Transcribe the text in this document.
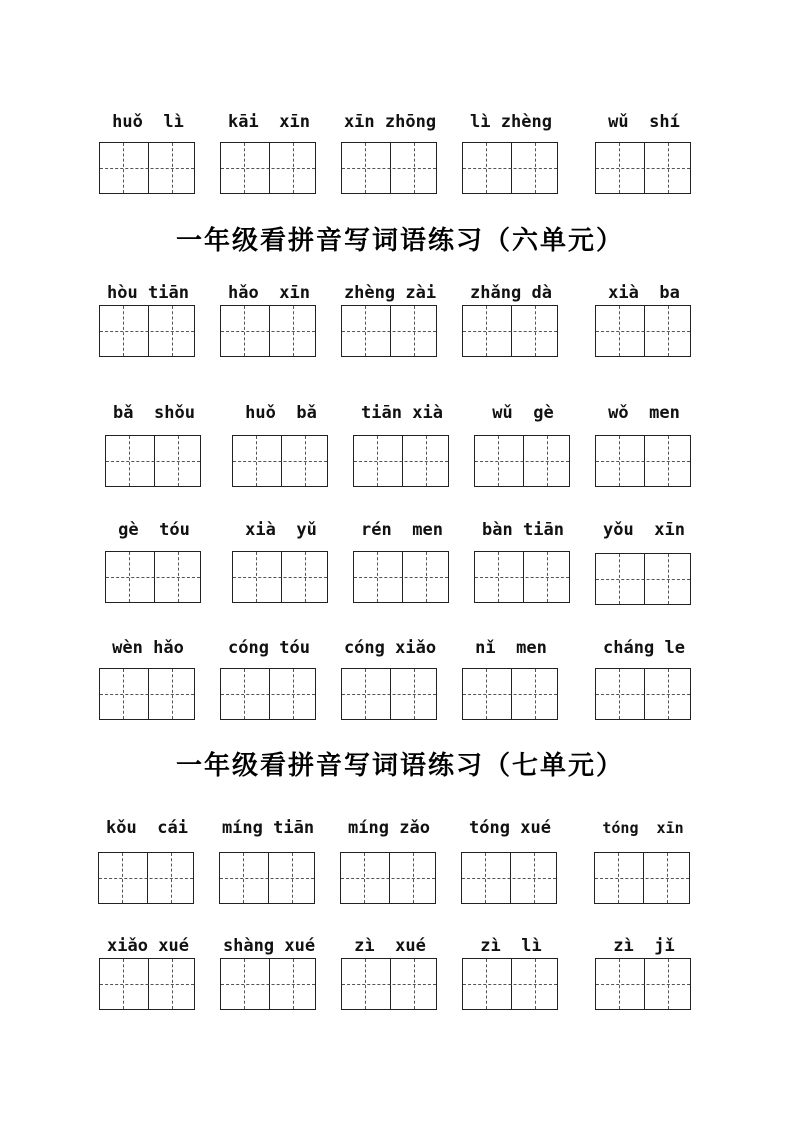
huǒ  lì	kāi  xīn	xīn zhōng	lì zhèng	wǔ  shí
一年级看拼音写词语练习（六单元）
hòu tiān	hǎo  xīn	zhèng zài	zhǎng dà	xià  ba
bǎ  shǒu	huǒ  bǎ	tiān xià	wǔ  gè	wǒ  men
gè  tóu	xià  yǔ	rén  men	bàn tiān	yǒu  xīn
wèn hǎo	cóng tóu	cóng xiǎo	nǐ  men	cháng le
一年级看拼音写词语练习（七单元）
kǒu  cái	míng tiān	míng zǎo	tóng xué	tóng  xīn
xiǎo xué	shàng xué	zì  xué	zì  lì	zì  jǐ
